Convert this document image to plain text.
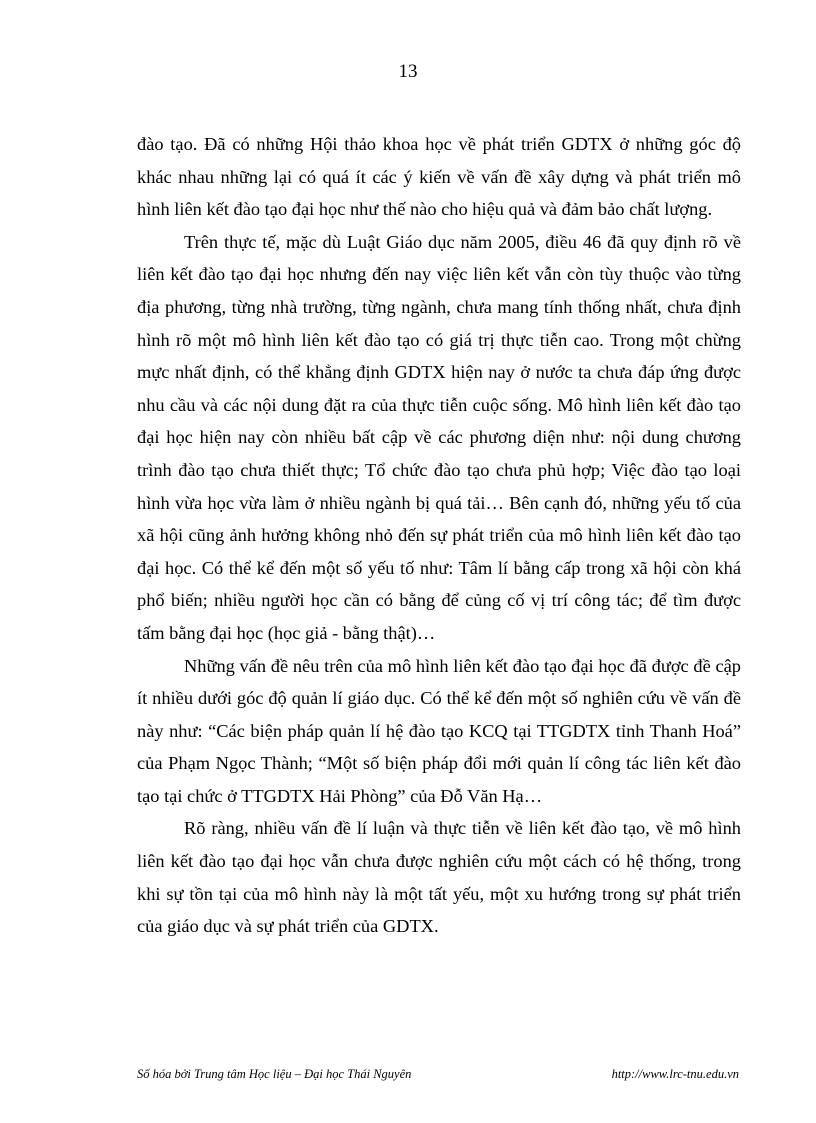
13

đào tạo. Đã có những Hội thảo khoa học về phát triển GDTX ở những góc độ khác nhau những lại có quá ít các ý kiến về vấn đề xây dựng và phát triển mô hình liên kết đào tạo đại học như thế nào cho hiệu quả và đảm bảo chất lượng.

Trên thực tế, mặc dù Luật Giáo dục năm 2005, điều 46 đã quy định rõ về liên kết đào tạo đại học nhưng đến nay việc liên kết vẫn còn tùy thuộc vào từng địa phương, từng nhà trường, từng ngành, chưa mang tính thống nhất, chưa định hình rõ một mô hình liên kết đào tạo có giá trị thực tiễn cao. Trong một chừng mực nhất định, có thể khẳng định GDTX hiện nay ở nước ta chưa đáp ứng được nhu cầu và các nội dung đặt ra của thực tiễn cuộc sống. Mô hình liên kết đào tạo đại học hiện nay còn nhiều bất cập về các phương diện như: nội dung chương trình đào tạo chưa thiết thực; Tổ chức đào tạo chưa phủ hợp; Việc đào tạo loại hình vừa học vừa làm ở nhiều ngành bị quá tải… Bên cạnh đó, những yếu tố của xã hội cũng ảnh hưởng không nhỏ đến sự phát triển của mô hình liên kết đào tạo đại học. Có thể kể đến một số yếu tố như: Tâm lí bằng cấp trong xã hội còn khá phổ biến; nhiều người học cần có bằng để củng cố vị trí công tác; để tìm được tấm bằng đại học (học giả - bằng thật)…

Những vấn đề nêu trên của mô hình liên kết đào tạo đại học đã được đề cập ít nhiều dưới góc độ quản lí giáo dục. Có thể kể đến một số nghiên cứu về vấn đề này như: “Các biện pháp quản lí hệ đào tạo KCQ tại TTGDTX tỉnh Thanh Hoá” của Phạm Ngọc Thành; “Một số biện pháp đổi mới quản lí công tác liên kết đào tạo tại chức ở TTGDTX Hải Phòng” của Đỗ Văn Hạ…

Rõ ràng, nhiều vấn đề lí luận và thực tiễn về liên kết đào tạo, về mô hình liên kết đào tạo đại học vẫn chưa được nghiên cứu một cách có hệ thống, trong khi sự tồn tại của mô hình này là một tất yếu, một xu hướng trong sự phát triển của giáo dục và sự phát triển của GDTX.

Số hóa bởi Trung tâm Học liệu – Đại học Thái Nguyên	http://www.lrc-tnu.edu.vn
